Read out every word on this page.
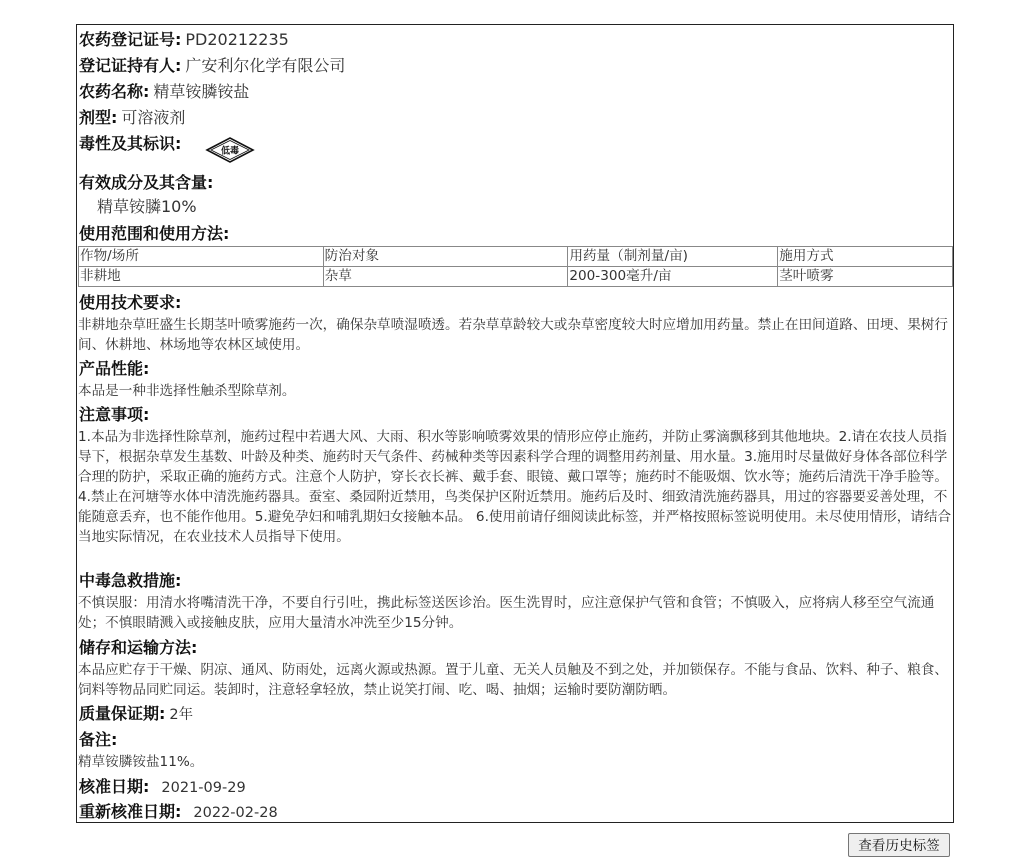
农药登记证号: PD20212235
登记证持有人: 广安利尔化学有限公司
农药名称: 精草铵膦铵盐
剂型: 可溶液剂
毒性及其标识:	低毒
有效成分及其含量:
精草铵膦10%
使用范围和使用方法:
作物/场所	防治对象	用药量（制剂量/亩)	施用方式
非耕地	杂草	200-300毫升/亩	茎叶喷雾
使用技术要求:
非耕地杂草旺盛生长期茎叶喷雾施药一次，确保杂草喷湿喷透。若杂草草龄较大或杂草密度较大时应增加用药量。禁止在田间道路、田埂、果树行间、休耕地、林场地等农林区域使用。
产品性能:
本品是一种非选择性触杀型除草剂。
注意事项:
1.本品为非选择性除草剂，施药过程中若遇大风、大雨、积水等影响喷雾效果的情形应停止施药，并防止雾滴飘移到其他地块。2.请在农技人员指导下，根据杂草发生基数、叶龄及种类、施药时天气条件、药械种类等因素科学合理的调整用药剂量、用水量。3.施用时尽量做好身体各部位科学合理的防护，采取正确的施药方式。注意个人防护，穿长衣长裤、戴手套、眼镜、戴口罩等；施药时不能吸烟、饮水等；施药后清洗干净手脸等。 4.禁止在河塘等水体中清洗施药器具。蚕室、桑园附近禁用，鸟类保护区附近禁用。施药后及时、细致清洗施药器具，用过的容器要妥善处理，不能随意丢弃，也不能作他用。5.避免孕妇和哺乳期妇女接触本品。 6.使用前请仔细阅读此标签，并严格按照标签说明使用。未尽使用情形，请结合当地实际情况，在农业技术人员指导下使用。
中毒急救措施:
不慎误服：用清水将嘴清洗干净，不要自行引吐，携此标签送医诊治。医生洗胃时，应注意保护气管和食管；不慎吸入，应将病人移至空气流通处；不慎眼睛溅入或接触皮肤，应用大量清水冲洗至少15分钟。
储存和运输方法:
本品应贮存于干燥、阴凉、通风、防雨处，远离火源或热源。置于儿童、无关人员触及不到之处，并加锁保存。不能与食品、饮料、种子、粮食、饲料等物品同贮同运。装卸时，注意轻拿轻放，禁止说笑打闹、吃、喝、抽烟；运输时要防潮防晒。
质量保证期: 2年
备注:
精草铵膦铵盐11%。
核准日期: 2021-09-29
重新核准日期: 2022-02-28
查看历史标签
